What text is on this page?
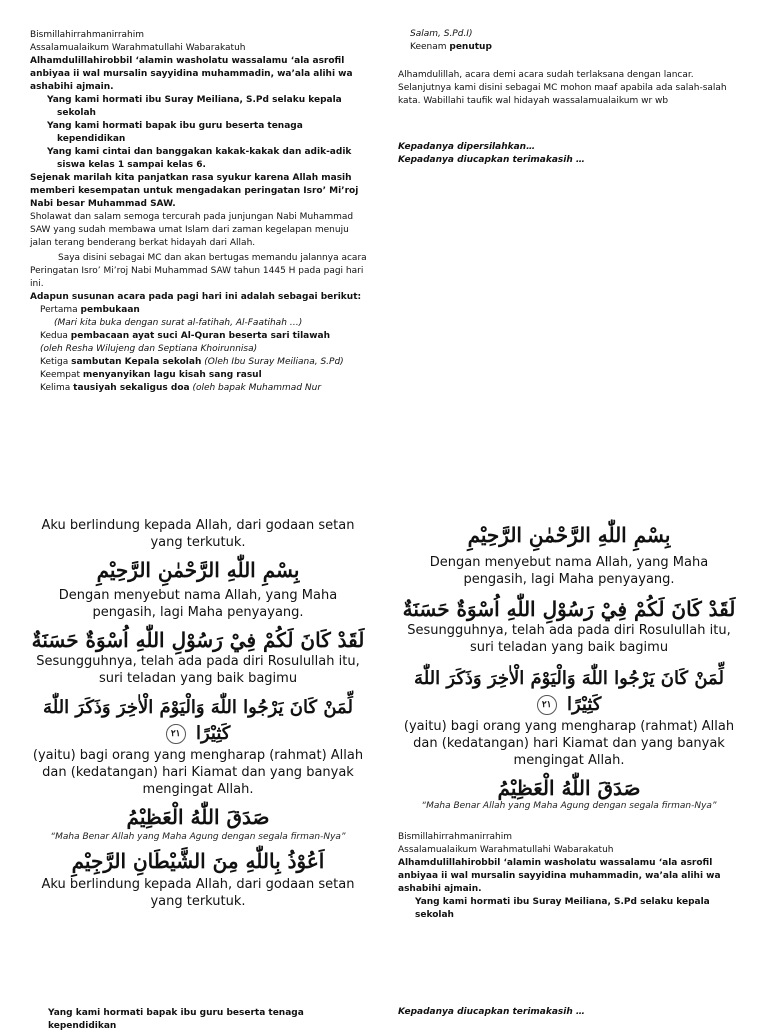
Bismillahirrahmanirrahim

Assalamualaikum Warahmatullahi Wabarakatuh

Alhamdulillahirobbil ‘alamin washolatu wassalamu ‘ala asrofil anbiyaa ii wal mursalin sayyidina muhammadin, wa’ala alihi wa ashabihi ajmain.

Yang kami hormati ibu Suray Meiliana, S.Pd selaku kepala sekolah

Yang kami hormati bapak ibu guru beserta tenaga kependidikan

Yang kami cintai dan banggakan kakak-kakak dan adik-adik siswa kelas 1 sampai kelas 6.

Sejenak marilah kita panjatkan rasa syukur karena Allah masih memberi kesempatan untuk mengadakan peringatan Isro’ Mi’roj Nabi besar Muhammad SAW.

Sholawat dan salam semoga tercurah pada junjungan Nabi Muhammad SAW yang sudah membawa umat Islam dari zaman kegelapan menuju jalan terang benderang berkat hidayah dari Allah.

Saya disini sebagai MC dan akan bertugas memandu jalannya acara Peringatan Isro’ Mi’roj Nabi Muhammad SAW tahun 1445 H pada pagi hari ini.

Adapun susunan acara pada pagi hari ini adalah sebagai berikut:

Pertama pembukaan

(Mari kita buka dengan surat al-fatihah, Al-Faatihah …)

Kedua pembacaan ayat suci Al-Quran beserta sari tilawah

(oleh Resha Wilujeng dan Septiana Khoirunnisa)

Ketiga sambutan Kepala sekolah (Oleh Ibu Suray Meiliana, S.Pd)

Keempat menyanyikan lagu kisah sang rasul

Kelima tausiyah sekaligus doa (oleh bapak Muhammad Nur

Salam, S.Pd.I)

Keenam penutup

Alhamdulillah, acara demi acara sudah terlaksana dengan lancar. Selanjutnya kami disini sebagai MC mohon maaf apabila ada salah-salah kata. Wabillahi taufik wal hidayah wassalamualaikum wr wb

Kepadanya dipersilahkan…

Kepadanya diucapkan terimakasih …

Aku berlindung kepada Allah, dari godaan setan yang terkutuk.

بِسْمِ اللّٰهِ الرَّحْمٰنِ الرَّحِيْمِ

Dengan menyebut nama Allah, yang Maha pengasih, lagi Maha penyayang.

لَقَدْ كَانَ لَكُمْ فِيْ رَسُوْلِ اللّٰهِ اُسْوَةٌ حَسَنَةٌ

Sesungguhnya, telah ada pada diri Rosulullah itu, suri teladan yang baik bagimu

لِّمَنْ كَانَ يَرْجُوا اللّٰهَ وَالْيَوْمَ الْاٰخِرَ وَذَكَرَ اللّٰهَ كَثِيْرًا ٢١

(yaitu) bagi orang yang mengharap (rahmat) Allah dan (kedatangan) hari Kiamat dan yang banyak mengingat Allah.

صَدَقَ اللّٰهُ الْعَظِيْمُ

“Maha Benar Allah yang Maha Agung dengan segala firman-Nya”

اَعُوْذُ بِاللّٰهِ مِنَ الشَّيْطَانِ الرَّجِيْمِ

Aku berlindung kepada Allah, dari godaan setan yang terkutuk.

Yang kami hormati bapak ibu guru beserta tenaga kependidikan

بِسْمِ اللّٰهِ الرَّحْمٰنِ الرَّحِيْمِ

Dengan menyebut nama Allah, yang Maha pengasih, lagi Maha penyayang.

لَقَدْ كَانَ لَكُمْ فِيْ رَسُوْلِ اللّٰهِ اُسْوَةٌ حَسَنَةٌ

Sesungguhnya, telah ada pada diri Rosulullah itu, suri teladan yang baik bagimu

لِّمَنْ كَانَ يَرْجُوا اللّٰهَ وَالْيَوْمَ الْاٰخِرَ وَذَكَرَ اللّٰهَ كَثِيْرًا ٢١

(yaitu) bagi orang yang mengharap (rahmat) Allah dan (kedatangan) hari Kiamat dan yang banyak mengingat Allah.

صَدَقَ اللّٰهُ الْعَظِيْمُ

“Maha Benar Allah yang Maha Agung dengan segala firman-Nya”

Bismillahirrahmanirrahim

Assalamualaikum Warahmatullahi Wabarakatuh

Alhamdulillahirobbil ‘alamin washolatu wassalamu ‘ala asrofil anbiyaa ii wal mursalin sayyidina muhammadin, wa’ala alihi wa ashabihi ajmain.

Yang kami hormati ibu Suray Meiliana, S.Pd selaku kepala sekolah

Kepadanya diucapkan terimakasih …
